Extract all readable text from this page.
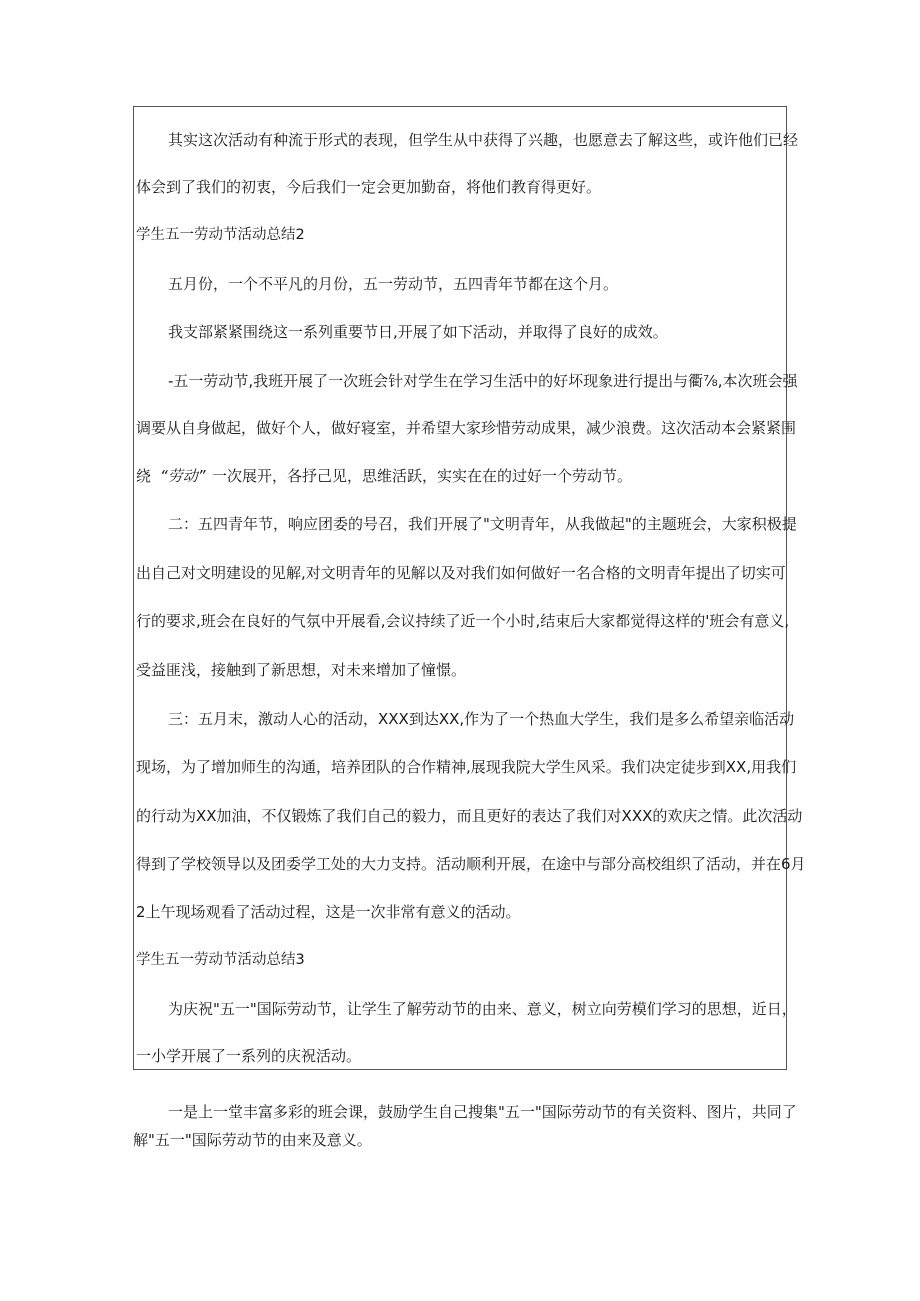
其实这次活动有种流于形式的表现，但学生从中获得了兴趣，也愿意去了解这些，或许他们已经

体会到了我们的初衷，今后我们一定会更加勤奋，将他们教育得更好。

学生五一劳动节活动总结2

五月份，一个不平凡的月份，五一劳动节，五四青年节都在这个月。

我支部紧紧围绕这一系列重要节日,开展了如下活动，并取得了良好的成效。

-五一劳动节,我班开展了一次班会针对学生在学习生活中的好坏现象进行提出与衢⅞,本次班会强

调要从自身做起，做好个人，做好寝室，并希望大家珍惜劳动成果，减少浪费。这次活动本会紧紧围

绕 “劳动” 一次展开，各抒己见，思维活跃，实实在在的过好一个劳动节。

二：五四青年节，响应团委的号召，我们开展了"文明青年，从我做起"的主题班会，大家积极提

出自己对文明建设的见解,对文明青年的见解以及对我们如何做好一名合格的文明青年提出了切实可

行的要求,班会在良好的气氛中开展看,会议持续了近一个小时,结束后大家都觉得这样的'班会有意义,

受益匪浅，接触到了新思想，对未来增加了憧憬。

三：五月末，激动人心的活动，XXX到达XX,作为了一个热血大学生，我们是多么希望亲临活动

现场，为了增加师生的沟通，培养团队的合作精神,展现我院大学生风采。我们决定徒步到XX,用我们

的行动为XX加油，不仅锻炼了我们自己的毅力，而且更好的表达了我们对XXX的欢庆之情。此次活动

得到了学校领导以及团委学工处的大力支持。活动顺利开展，在途中与部分高校组织了活动，并在6月

2上午现场观看了活动过程，这是一次非常有意义的活动。

学生五一劳动节活动总结3

为庆祝"五一"国际劳动节，让学生了解劳动节的由来、意义，树立向劳模们学习的思想，近日，

一小学开展了一系列的庆祝活动。

一是上一堂丰富多彩的班会课，鼓励学生自己搜集"五一"国际劳动节的有关资料、图片，共同了

解"五一"国际劳动节的由来及意义。
